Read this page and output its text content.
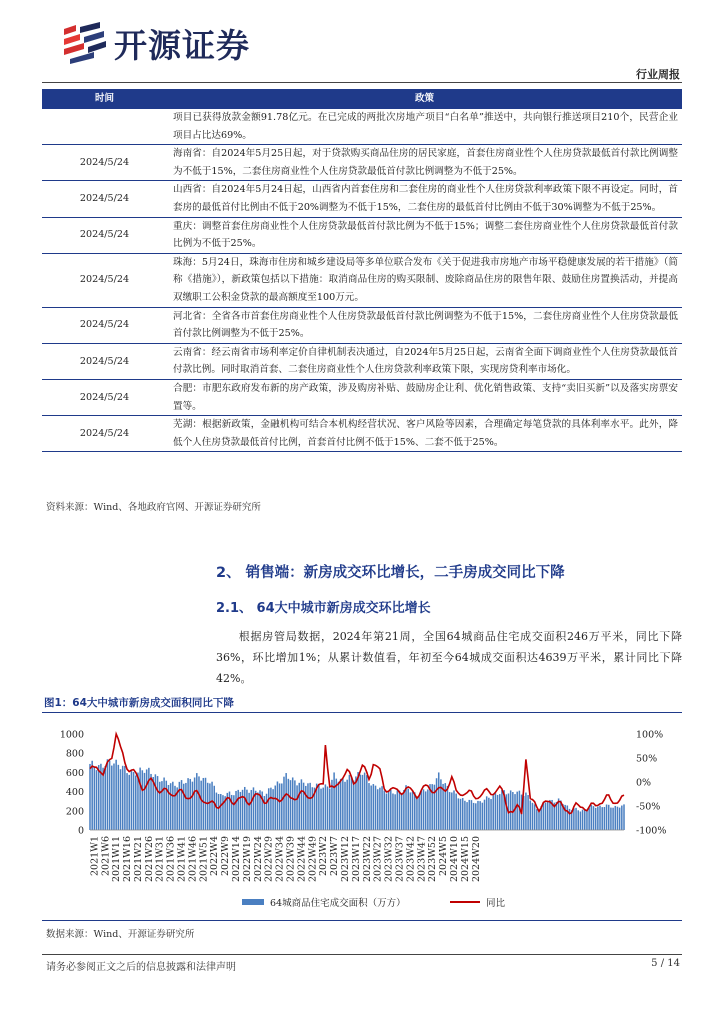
开源证券
行业周报
时间	政策
	项目已获得放款金额91.78亿元。在已完成的两批次房地产项目“白名单”推送中，共向银行推送项目210个，民营企业项目占比达69%。
2024/5/24	海南省：自2024年5月25日起，对于贷款购买商品住房的居民家庭，首套住房商业性个人住房贷款最低首付款比例调整为不低于15%，二套住房商业性个人住房贷款最低首付款比例调整为不低于25%。
2024/5/24	山西省：自2024年5月24日起，山西省内首套住房和二套住房的商业性个人住房贷款利率政策下限不再设定。同时，首套房的最低首付比例由不低于20%调整为不低于15%，二套住房的最低首付比例由不低于30%调整为不低于25%。
2024/5/24	重庆：调整首套住房商业性个人住房贷款最低首付款比例为不低于15%；调整二套住房商业性个人住房贷款最低首付款比例为不低于25%。
2024/5/24	珠海：5月24日，珠海市住房和城乡建设局等多单位联合发布《关于促进我市房地产市场平稳健康发展的若干措施》（简称《措施》），新政策包括以下措施：取消商品住房的购买限制、废除商品住房的限售年限、鼓励住房置换活动，并提高双缴职工公积金贷款的最高额度至100万元。
2024/5/24	河北省：全省各市首套住房商业性个人住房贷款最低首付款比例调整为不低于15%，二套住房商业性个人住房贷款最低首付款比例调整为不低于25%。
2024/5/24	云南省：经云南省市场利率定价自律机制表决通过，自2024年5月25日起，云南省全面下调商业性个人住房贷款最低首付款比例。同时取消首套、二套住房商业性个人住房贷款利率政策下限，实现房贷利率市场化。
2024/5/24	合肥：市肥东政府发布新的房产政策，涉及购房补贴、鼓励房企让利、优化销售政策、支持“卖旧买新”以及落实房票安置等。
2024/5/24	芜湖：根据新政策，金融机构可结合本机构经营状况、客户风险等因素，合理确定每笔贷款的具体利率水平。此外，降低个人住房贷款最低首付比例，首套首付比例不低于15%、二套不低于25%。
资料来源：Wind、各地政府官网、开源证券研究所
2、 销售端：新房成交环比增长，二手房成交同比下降
2.1、 64大中城市新房成交环比增长
根据房管局数据，2024年第21周，全国64城商品住宅成交面积246万平米，同比下降36%，环比增加1%；从累计数值看，年初至今64城成交面积达4639万平米，累计同比下降42%。
图1：64大中城市新房成交面积同比下降
0
200
400
600
800
1000	100%
50%
0%
-50%
-100%
2021W1 2021W6 2021W11 2021W16 2021W21 2021W26 2021W31 2021W36 2021W41 2021W46 2021W51 2022W4 2022W9 2022W14 2022W19 2022W24 2022W29 2022W34 2022W39 2022W44 2022W49 2023W2 2023W7 2023W12 2023W17 2023W22 2023W27 2023W32 2023W37 2023W42 2023W47 2023W52 2024W5 2024W10 2024W15 2024W20
64城商品住宅成交面积（万方）	同比
数据来源：Wind、开源证券研究所
请务必参阅正文之后的信息披露和法律声明	5 / 14
